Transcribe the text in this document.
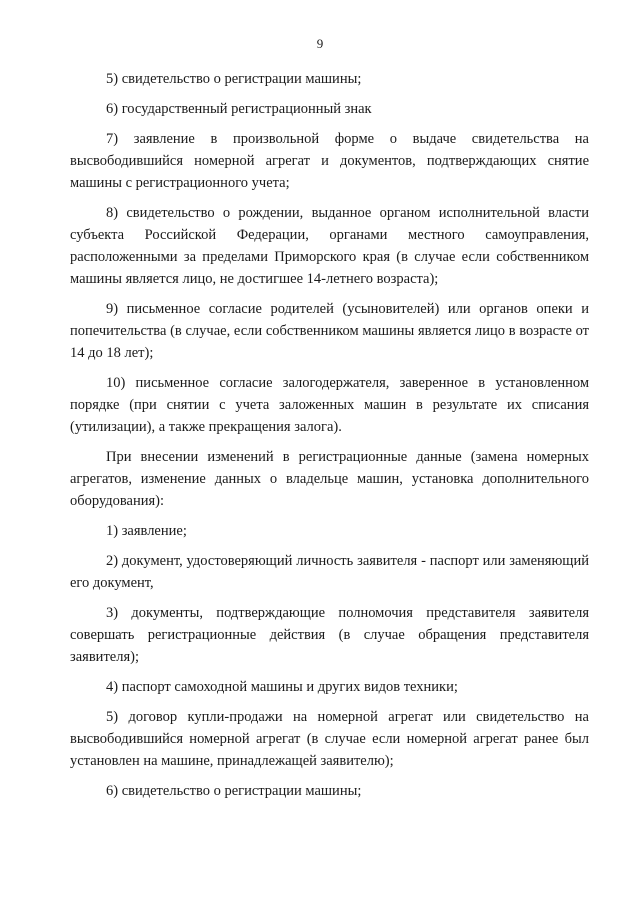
9

5) свидетельство о регистрации машины;

6) государственный регистрационный знак

7) заявление в произвольной форме о выдаче свидетельства на высвободившийся номерной агрегат и документов, подтверждающих снятие машины с регистрационного учета;

8) свидетельство о рождении, выданное органом исполнительной власти субъекта Российской Федерации, органами местного самоуправления, расположенными за пределами Приморского края (в случае если собственником машины является лицо, не достигшее 14-летнего возраста);

9) письменное согласие родителей (усыновителей) или органов опеки и попечительства (в случае, если собственником машины является лицо в возрасте от 14 до 18 лет);

10) письменное согласие залогодержателя, заверенное в установленном порядке (при снятии с учета заложенных машин в результате их списания (утилизации), а также прекращения залога).

При внесении изменений в регистрационные данные (замена номерных агрегатов, изменение данных о владельце машин, установка дополнительного оборудования):

1) заявление;

2) документ, удостоверяющий личность заявителя - паспорт или заменяющий его документ,

3) документы, подтверждающие полномочия представителя заявителя совершать регистрационные действия (в случае обращения представителя заявителя);

4) паспорт самоходной машины и других видов техники;

5) договор купли-продажи на номерной агрегат или свидетельство на высвободившийся номерной агрегат (в случае если номерной агрегат ранее был установлен на машине, принадлежащей заявителю);

6) свидетельство о регистрации машины;
